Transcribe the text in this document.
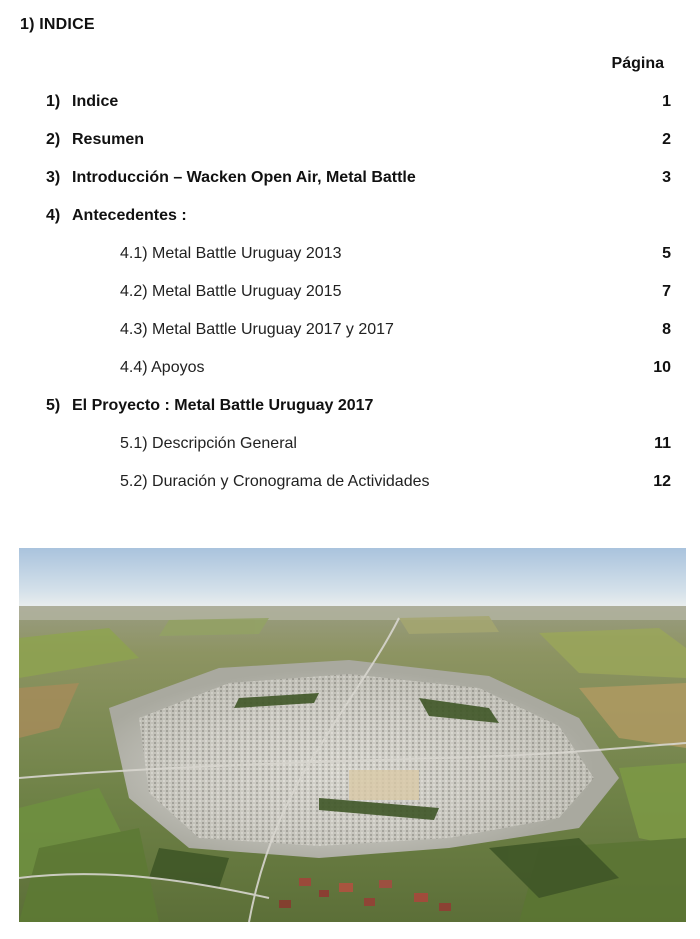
1) INDICE
Página
1) Indice	1
2) Resumen	2
3) Introducción – Wacken Open Air, Metal Battle	3
4) Antecedentes :
4.1) Metal Battle Uruguay 2013	5
4.2) Metal Battle Uruguay 2015	7
4.3) Metal Battle Uruguay 2017 y 2017	8
4.4) Apoyos	10
5) El Proyecto : Metal Battle Uruguay 2017
5.1) Descripción General	11
5.2) Duración y Cronograma de Actividades	12
